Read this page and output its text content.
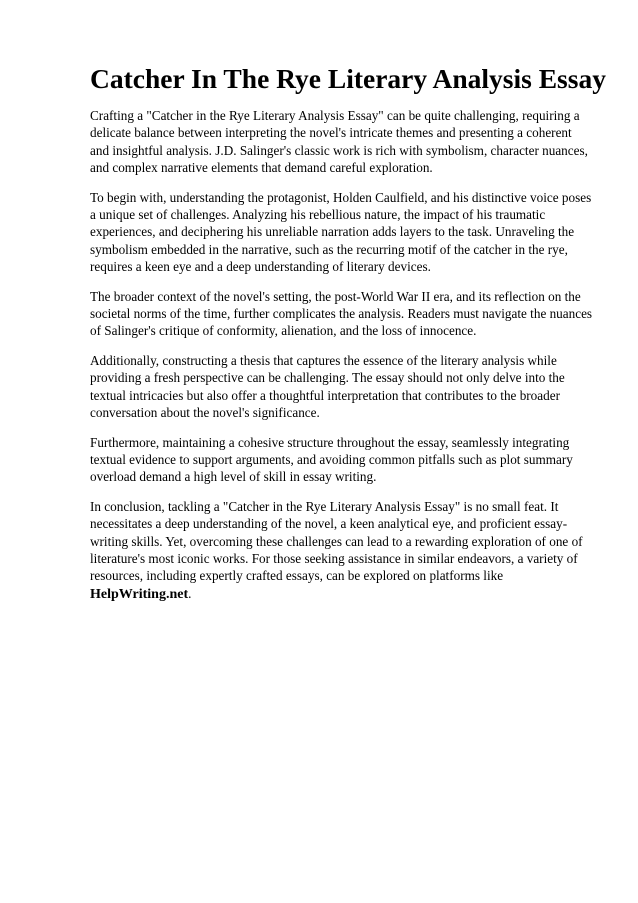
Catcher In The Rye Literary Analysis Essay

Crafting a "Catcher in the Rye Literary Analysis Essay" can be quite challenging, requiring a delicate balance between interpreting the novel's intricate themes and presenting a coherent and insightful analysis. J.D. Salinger's classic work is rich with symbolism, character nuances, and complex narrative elements that demand careful exploration.

To begin with, understanding the protagonist, Holden Caulfield, and his distinctive voice poses a unique set of challenges. Analyzing his rebellious nature, the impact of his traumatic experiences, and deciphering his unreliable narration adds layers to the task. Unraveling the symbolism embedded in the narrative, such as the recurring motif of the catcher in the rye, requires a keen eye and a deep understanding of literary devices.

The broader context of the novel's setting, the post-World War II era, and its reflection on the societal norms of the time, further complicates the analysis. Readers must navigate the nuances of Salinger's critique of conformity, alienation, and the loss of innocence.

Additionally, constructing a thesis that captures the essence of the literary analysis while providing a fresh perspective can be challenging. The essay should not only delve into the textual intricacies but also offer a thoughtful interpretation that contributes to the broader conversation about the novel's significance.

Furthermore, maintaining a cohesive structure throughout the essay, seamlessly integrating textual evidence to support arguments, and avoiding common pitfalls such as plot summary overload demand a high level of skill in essay writing.

In conclusion, tackling a "Catcher in the Rye Literary Analysis Essay" is no small feat. It necessitates a deep understanding of the novel, a keen analytical eye, and proficient essay-writing skills. Yet, overcoming these challenges can lead to a rewarding exploration of one of literature's most iconic works. For those seeking assistance in similar endeavors, a variety of resources, including expertly crafted essays, can be explored on platforms like HelpWriting.net.
